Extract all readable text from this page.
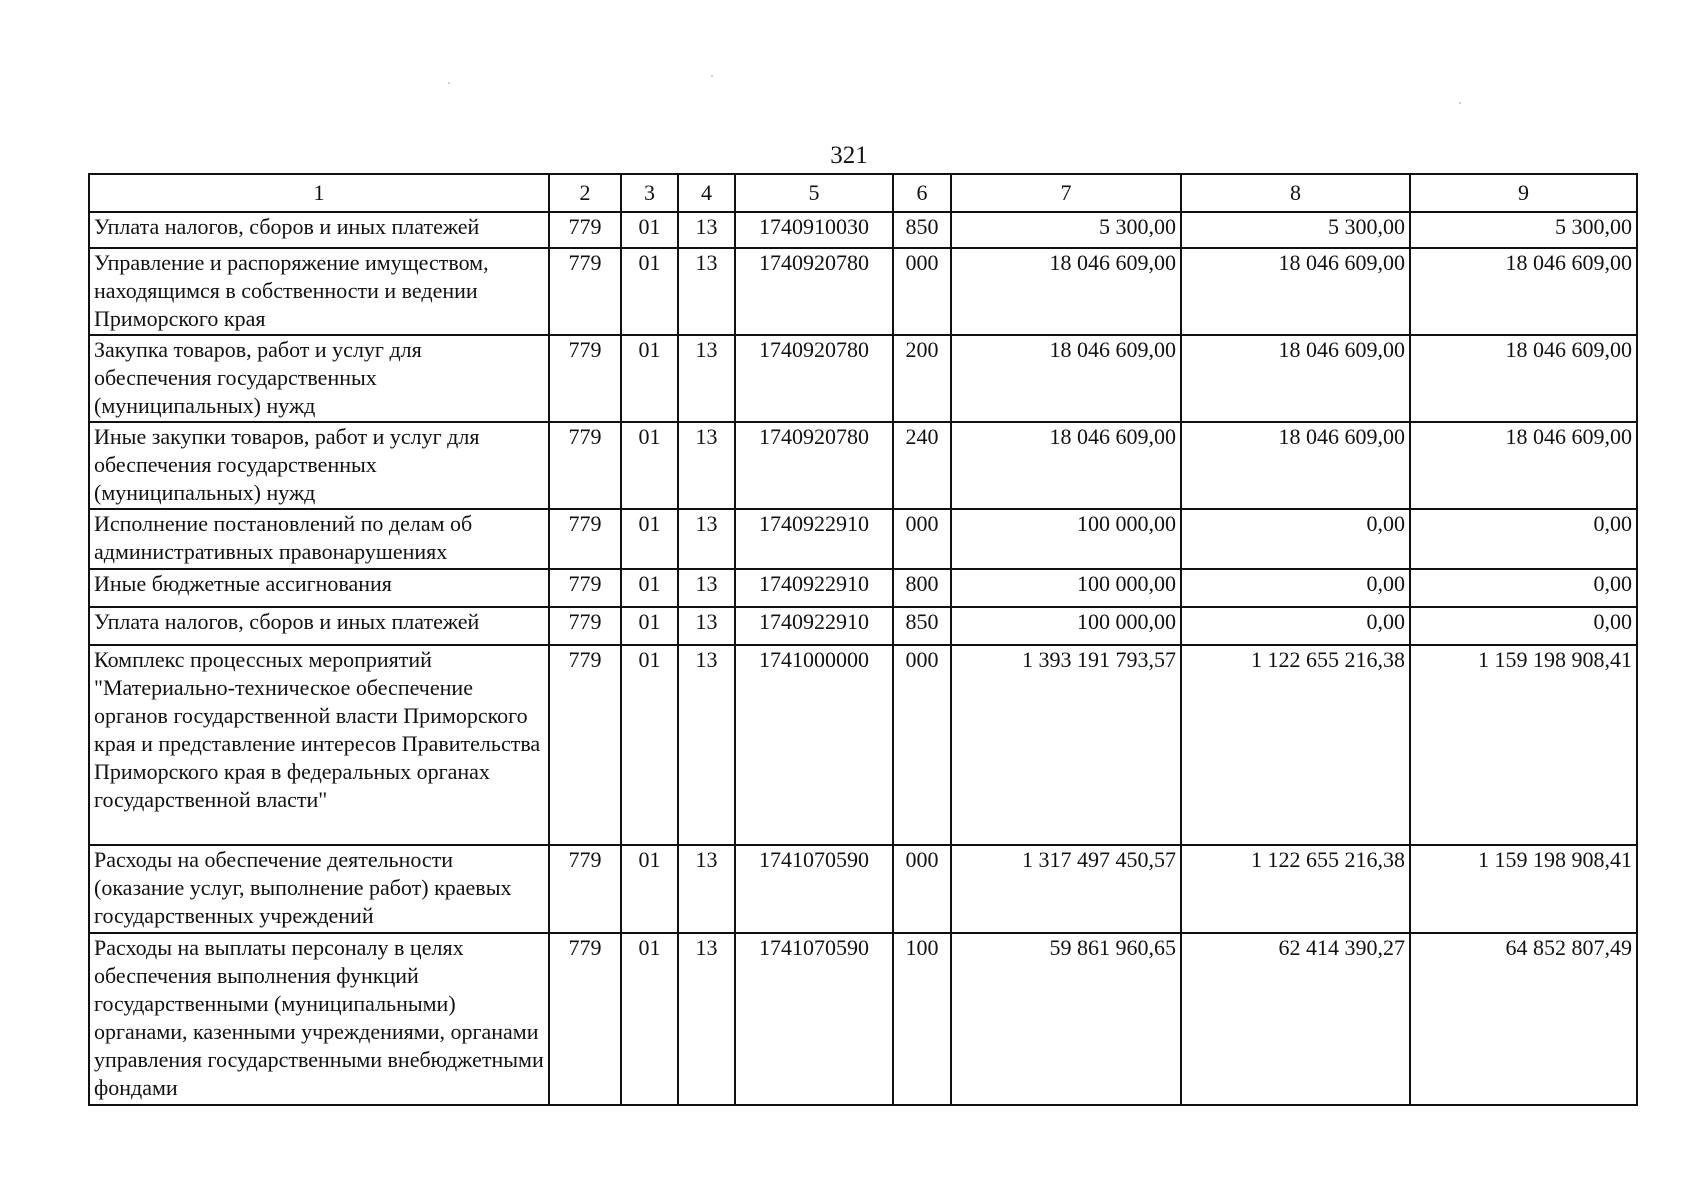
321
1	2	3	4	5	6	7	8	9
Уплата налогов, сборов и иных платежей	779	01	13	1740910030	850	5 300,00	5 300,00	5 300,00
Управление и распоряжение имуществом, находящимся в собственности и ведении Приморского края	779	01	13	1740920780	000	18 046 609,00	18 046 609,00	18 046 609,00
Закупка товаров, работ и услуг для обеспечения государственных (муниципальных) нужд	779	01	13	1740920780	200	18 046 609,00	18 046 609,00	18 046 609,00
Иные закупки товаров, работ и услуг для обеспечения государственных (муниципальных) нужд	779	01	13	1740920780	240	18 046 609,00	18 046 609,00	18 046 609,00
Исполнение постановлений по делам об административных правонарушениях	779	01	13	1740922910	000	100 000,00	0,00	0,00
Иные бюджетные ассигнования	779	01	13	1740922910	800	100 000,00	0,00	0,00
Уплата налогов, сборов и иных платежей	779	01	13	1740922910	850	100 000,00	0,00	0,00
Комплекс процессных мероприятий "Материально-техническое обеспечение органов государственной власти Приморского края и представление интересов Правительства Приморского края в федеральных органах государственной власти"	779	01	13	1741000000	000	1 393 191 793,57	1 122 655 216,38	1 159 198 908,41
Расходы на обеспечение деятельности (оказание услуг, выполнение работ) краевых государственных учреждений	779	01	13	1741070590	000	1 317 497 450,57	1 122 655 216,38	1 159 198 908,41
Расходы на выплаты персоналу в целях обеспечения выполнения функций государственными (муниципальными) органами, казенными учреждениями, органами управления государственными внебюджетными фондами	779	01	13	1741070590	100	59 861 960,65	62 414 390,27	64 852 807,49
